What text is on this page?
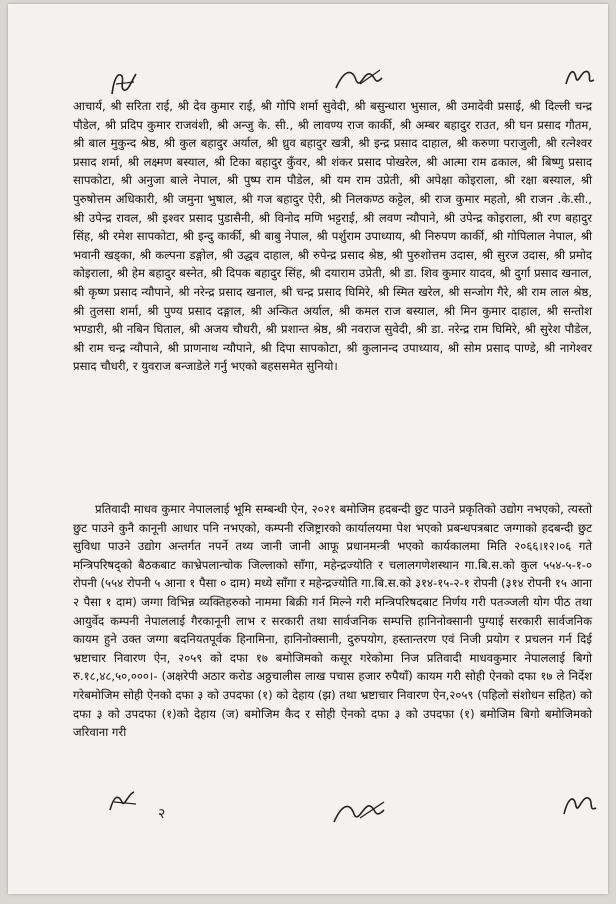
आचार्य, श्री सरिता राई, श्री देव कुमार राई, श्री गोपि शर्मा सुवेदी, श्री बसुन्धारा भुसाल, श्री उमादेवी प्रसाई, श्री दिल्ली चन्द्र पौडेल, श्री प्रदिप कुमार राजवंशी, श्री अन्जु के. सी., श्री लावण्य राज कार्की, श्री अम्बर बहादुर राउत, श्री घन प्रसाद गौतम, श्री बाल मुकुन्द श्रेष्ठ, श्री कुल बहादुर अर्याल, श्री ध्रुव बहादुर खत्री, श्री इन्द्र प्रसाद दाहाल, श्री करुणा पराजुली, श्री रत्नेश्वर प्रसाद शर्मा, श्री लक्ष्मण बस्याल, श्री टिका बहादुर कुँवर, श्री शंकर प्रसाद पोखरेल, श्री आत्मा राम ढकाल, श्री बिष्णु प्रसाद सापकोटा, श्री अनुजा बाले नेपाल, श्री पुष्प राम पौडेल, श्री यम राम उप्रेती, श्री अपेक्षा कोइराला, श्री रक्षा बस्याल, श्री पुरुषोत्तम अधिकारी, श्री जमुना भुषाल, श्री गज बहादुर ऐरी, श्री निलकण्ठ कट्टेल, श्री राज कुमार महतो, श्री राजन .के.सी., श्री उपेन्द्र रावल, श्री इश्वर प्रसाद पुडासैनी, श्री विनोद मणि भट्टराई, श्री लवण न्यौपाने, श्री उपेन्द्र कोइराला, श्री रण बहादुर सिंह, श्री रमेश सापकोटा, श्री इन्दु कार्की, श्री बाबु नेपाल, श्री पर्शुराम उपाध्याय, श्री निरुपण कार्की, श्री गोपिलाल नेपाल, श्री भवानी खड्का, श्री कल्पना डङ्गोल, श्री उद्धव दाहाल, श्री रुपेन्द्र प्रसाद श्रेष्ठ, श्री पुरुशोत्तम उदास, श्री सुरज उदास, श्री प्रमोद कोइराला, श्री हेम बहादुर बस्नेत, श्री दिपक बहादुर सिंह, श्री दयाराम उप्रेती, श्री डा. शिव कुमार यादव, श्री दुर्गा प्रसाद खनाल, श्री कृष्ण प्रसाद न्यौपाने, श्री नरेन्द्र प्रसाद खनाल, श्री चन्द्र प्रसाद घिमिरे, श्री स्मित खरेल, श्री सन्जोग गैरे, श्री राम लाल श्रेष्ठ, श्री तुलसा शर्मा, श्री पुण्य प्रसाद दङ्गाल, श्री अन्कित अर्याल, श्री कमल राज बस्याल, श्री मिन कुमार दाहाल, श्री सन्तोश भण्डारी, श्री नबिन घिताल, श्री अजय चौधरी, श्री प्रशान्त श्रेष्ठ, श्री नवराज सुवेदी, श्री डा. नरेन्द्र राम घिमिरे, श्री सुरेश पौडेल, श्री राम चन्द्र न्यौपाने, श्री प्राणनाथ न्यौपाने, श्री दिपा सापकोटा, श्री कुलानन्द उपाध्याय, श्री सोम प्रसाद पाण्डे, श्री नागेश्वर प्रसाद चौधरी, र युवराज बन्जाडेले गर्नु भएको बहससमेत सुनियो।
प्रतिवादी माधव कुमार नेपाललाई भूमि सम्बन्धी ऐन, २०२१ बमोजिम हदबन्दी छुट पाउने प्रकृतिको उद्योग नभएको, त्यस्तो छुट पाउने कुनै कानूनी आधार पनि नभएको, कम्पनी रजिष्ट्रारको कार्यालयमा पेश भएको प्रबन्धपत्रबाट जग्गाको हदबन्दी छुट सुविधा पाउने उद्योग अन्तर्गत नपर्ने तथ्य जानी जानी आफू प्रधानमन्त्री भएको कार्यकालमा मिति २०६६।१२।०६ गते मन्त्रिपरिषद्को बैठकबाट काभ्रेपलान्चोक जिल्लाको साँगा, महेन्द्रज्योति र चलालगणेशस्थान गा.बि.स.को कुल ५५४-५-१-० रोपनी (५५४ रोपनी ५ आना १ पैसा ० दाम) मध्ये साँगा र महेन्द्रज्योति गा.बि.स.को ३१४-१५-२-१ रोपनी (३१४ रोपनी १५ आना २ पैसा १ दाम) जग्गा विभिन्न व्यक्तिहरुको नाममा बिक्री गर्न मिल्ने गरी मन्त्रिपरिषदबाट निर्णय गरी पतञ्जली योग पीठ तथा आयुर्वेद कम्पनी नेपाललाई गैरकानूनी लाभ र सरकारी तथा सार्वजनिक सम्पत्ति हानिनोक्सानी पुग्याई सरकारी सार्वजनिक कायम हुने उक्त जग्गा बदनियतपूर्वक हिनामिना, हानिनोक्सानी, दुरुपयोग, हस्तान्तरण एवं निजी प्रयोग र प्रचलन गर्न दिई भ्रष्टाचार निवारण ऐन, २०५९ को दफा १७ बमोजिमको कसूर गरेकोमा निज प्रतिवादी माधवकुमार नेपाललाई बिगो रु.१८,४८,५०,०००।- (अक्षरेपी अठार करोड अठ्ठचालीस लाख पचास हजार रुपैयाँ) कायम गरी सोही ऐनको दफा १७ ले निर्देश गरेबमोजिम सोही ऐनको दफा ३ को उपदफा (१) को देहाय (झ) तथा भ्रष्टाचार निवारण ऐन,२०५९ (पहिलो संशोधन सहित) को दफा ३ को उपदफा (१)को देहाय (ज) बमोजिम कैद र सोही ऐनको दफा ३ को उपदफा (१) बमोजिम बिगो बमोजिमको जरिवाना गरी
२
